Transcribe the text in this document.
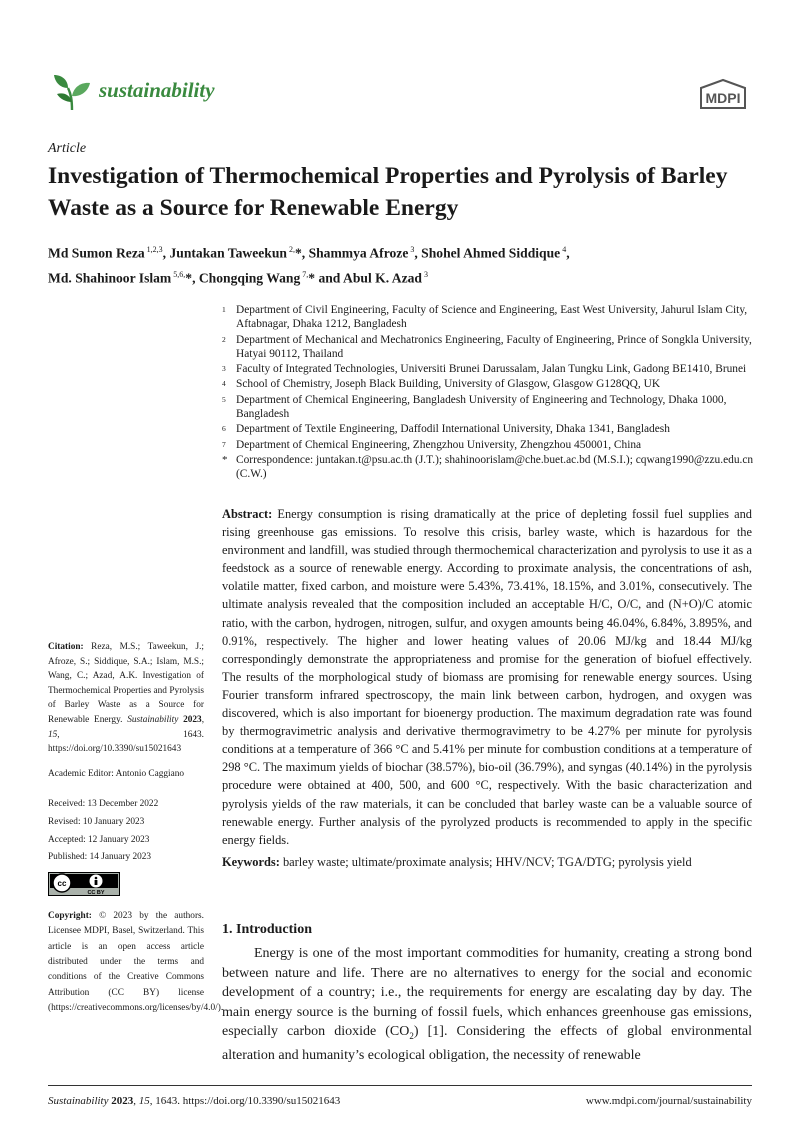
sustainability	MDPI
Article
Investigation of Thermochemical Properties and Pyrolysis of Barley Waste as a Source for Renewable Energy
Md Sumon Reza $^{1,2,3}$, Juntakan Taweekun $^{2,}$*, Shammya Afroze $^3$, Shohel Ahmed Siddique $^4$,
Md. Shahinoor Islam $^{5,6,}$*, Chongqing Wang $^{7,}$* and Abul K. Azad $^3$
1 Department of Civil Engineering, Faculty of Science and Engineering, East West University, Jahurul Islam City, Aftabnagar, Dhaka 1212, Bangladesh
2 Department of Mechanical and Mechatronics Engineering, Faculty of Engineering, Prince of Songkla University, Hatyai 90112, Thailand
3 Faculty of Integrated Technologies, Universiti Brunei Darussalam, Jalan Tungku Link, Gadong BE1410, Brunei
4 School of Chemistry, Joseph Black Building, University of Glasgow, Glasgow G128QQ, UK
5 Department of Chemical Engineering, Bangladesh University of Engineering and Technology, Dhaka 1000, Bangladesh
6 Department of Textile Engineering, Daffodil International University, Dhaka 1341, Bangladesh
7 Department of Chemical Engineering, Zhengzhou University, Zhengzhou 450001, China
* Correspondence: juntakan.t@psu.ac.th (J.T.); shahinoorislam@che.buet.ac.bd (M.S.I.); cqwang1990@zzu.edu.cn (C.W.)
Abstract: Energy consumption is rising dramatically at the price of depleting fossil fuel supplies and rising greenhouse gas emissions. To resolve this crisis, barley waste, which is hazardous for the environment and landfill, was studied through thermochemical characterization and pyrolysis to use it as a feedstock as a source of renewable energy. According to proximate analysis, the concentrations of ash, volatile matter, fixed carbon, and moisture were 5.43%, 73.41%, 18.15%, and 3.01%, consecutively. The ultimate analysis revealed that the composition included an acceptable H/C, O/C, and (N+O)/C atomic ratio, with the carbon, hydrogen, nitrogen, sulfur, and oxygen amounts being 46.04%, 6.84%, 3.895%, and 0.91%, respectively. The higher and lower heating values of 20.06 MJ/kg and 18.44 MJ/kg correspondingly demonstrate the appropriateness and promise for the generation of biofuel effectively. The results of the morphological study of biomass are promising for renewable energy sources. Using Fourier transform infrared spectroscopy, the main link between carbon, hydrogen, and oxygen was discovered, which is also important for bioenergy production. The maximum degradation rate was found by thermogravimetric analysis and derivative thermogravimetry to be 4.27% per minute for pyrolysis conditions at a temperature of 366 °C and 5.41% per minute for combustion conditions at a temperature of 298 °C. The maximum yields of biochar (38.57%), bio-oil (36.79%), and syngas (40.14%) in the pyrolysis procedure were obtained at 400, 500, and 600 °C, respectively. With the basic characterization and pyrolysis yields of the raw materials, it can be concluded that barley waste can be a valuable source of renewable energy. Further analysis of the pyrolyzed products is recommended to apply in the specific energy fields.
Keywords: barley waste; ultimate/proximate analysis; HHV/NCV; TGA/DTG; pyrolysis yield

Citation: Reza, M.S.; Taweekun, J.; Afroze, S.; Siddique, S.A.; Islam, M.S.; Wang, C.; Azad, A.K. Investigation of Thermochemical Properties and Pyrolysis of Barley Waste as a Source for Renewable Energy. Sustainability 2023, 15, 1643. https://doi.org/10.3390/su15021643

Academic Editor: Antonio Caggiano

Received: 13 December 2022

Revised: 10 January 2023

Accepted: 12 January 2023

Published: 14 January 2023

Copyright: © 2023 by the authors. Licensee MDPI, Basel, Switzerland. This article is an open access article distributed under the terms and conditions of the Creative Commons Attribution (CC BY) license (https://creativecommons.org/licenses/by/4.0/).

cc
CC BY
1. Introduction
Energy is one of the most important commodities for humanity, creating a strong bond between nature and life. There are no alternatives to energy for the social and economic development of a country; i.e., the requirements for energy are escalating day by day. The main energy source is the burning of fossil fuels, which enhances greenhouse gas emissions, especially carbon dioxide $(CO_2)$ [1]. Considering the effects of global environmental alteration and humanity’s ecological obligation, the necessity of renewable
Sustainability 2023, 15, 1643. https://doi.org/10.3390/su15021643	www.mdpi.com/journal/sustainability
